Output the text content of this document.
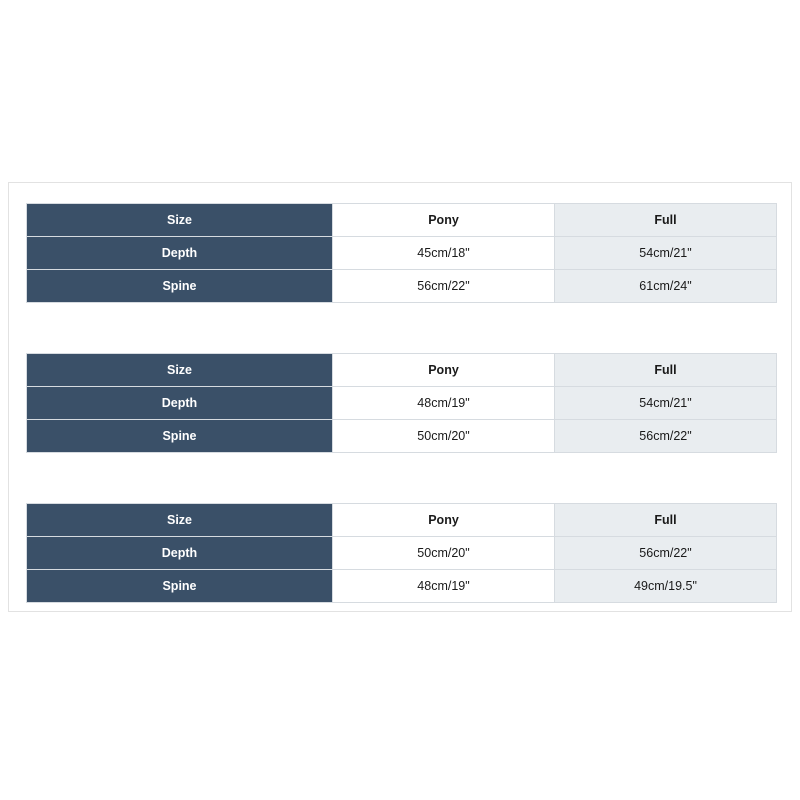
Size	Pony	Full
Depth	45cm/18"	54cm/21"
Spine	56cm/22"	61cm/24"
Size	Pony	Full
Depth	48cm/19"	54cm/21"
Spine	50cm/20"	56cm/22"
Size	Pony	Full
Depth	50cm/20"	56cm/22"
Spine	48cm/19"	49cm/19.5"
